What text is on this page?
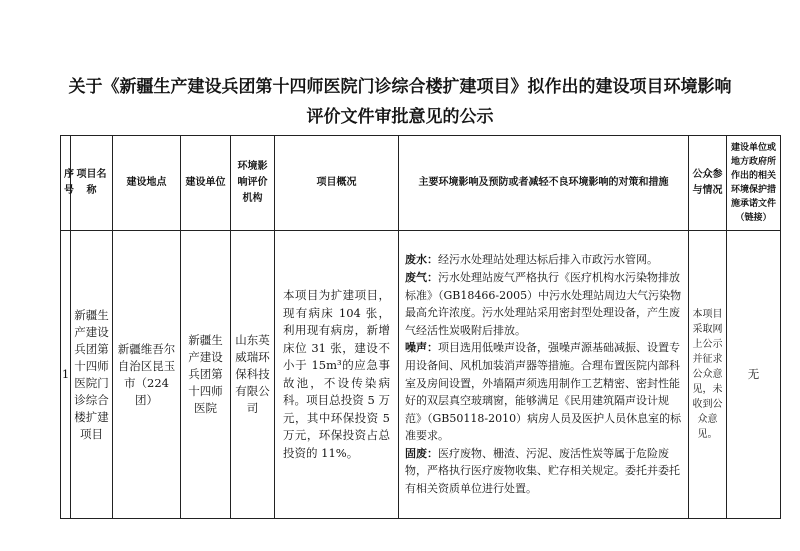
关于《新疆生产建设兵团第十四师医院门诊综合楼扩建项目》拟作出的建设项目环境影响
评价文件审批意见的公示
序号	项目名称	建设地点	建设单位	环境影响评价机构	项目概况	主要环境影响及预防或者减轻不良环境影响的对策和措施	公众参与情况	建设单位或地方政府所作出的相关环境保护措施承诺文件（链接）
1	新疆生产建设兵团第十四师医院门诊综合楼扩建项目	新疆维吾尔自治区昆玉市（224团）	新疆生产建设兵团第十四师医院	山东英威瑞环保科技有限公司	本项目为扩建项目，现有病床 104 张，利用现有病房，新增床位 31 张，建设不小于 15m³的应急事故池，不设传染病科。项目总投资 5 万元，其中环保投资 5 万元，环保投资占总投资的 11%。	废水：经污水处理站处理达标后排入市政污水管网。

废气：污水处理站废气严格执行《医疗机构水污染物排放标准》（GB18466-2005）中污水处理站周边大气污染物最高允许浓度。污水处理站采用密封型处理设备，产生废气经活性炭吸附后排放。

噪声：项目选用低噪声设备，强噪声源基础减振、设置专用设备间、风机加装消声器等措施。合理布置医院内部科室及房间设置，外墙隔声须选用制作工艺精密、密封性能好的双层真空玻璃窗，能够满足《民用建筑隔声设计规范》（GB50118-2010）病房人员及医护人员休息室的标准要求。

固废：医疗废物、栅渣、污泥、废活性炭等属于危险废物，严格执行医疗废物收集、贮存相关规定。委托并委托有相关资质单位进行处置。	本项目采取网上公示并征求公众意见，未收到公众意见。	无
